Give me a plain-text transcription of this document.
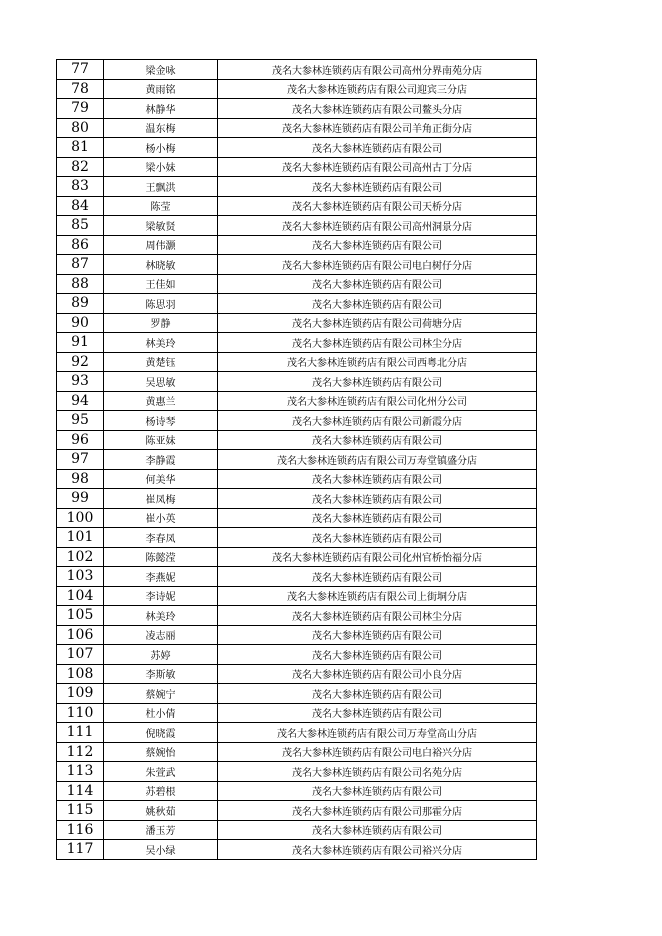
77	梁金咏	茂名大参林连锁药店有限公司高州分界南苑分店
78	黄雨铭	茂名大参林连锁药店有限公司迎宾三分店
79	林静华	茂名大参林连锁药店有限公司鳌头分店
80	温东梅	茂名大参林连锁药店有限公司羊角正街分店
81	杨小梅	茂名大参林连锁药店有限公司
82	梁小妹	茂名大参林连锁药店有限公司高州古丁分店
83	王飘洪	茂名大参林连锁药店有限公司
84	陈莹	茂名大参林连锁药店有限公司天桥分店
85	梁敏贤	茂名大参林连锁药店有限公司高州洞景分店
86	周伟灏	茂名大参林连锁药店有限公司
87	林晓敏	茂名大参林连锁药店有限公司电白树仔分店
88	王佳如	茂名大参林连锁药店有限公司
89	陈思羽	茂名大参林连锁药店有限公司
90	罗静	茂名大参林连锁药店有限公司荷塘分店
91	林美玲	茂名大参林连锁药店有限公司林尘分店
92	黄楚钰	茂名大参林连锁药店有限公司西粤北分店
93	吴思敏	茂名大参林连锁药店有限公司
94	黄惠兰	茂名大参林连锁药店有限公司化州分公司
95	杨诗琴	茂名大参林连锁药店有限公司新霞分店
96	陈亚妹	茂名大参林连锁药店有限公司
97	李静霞	茂名大参林连锁药店有限公司万寿堂镇盛分店
98	何美华	茂名大参林连锁药店有限公司
99	崔凤梅	茂名大参林连锁药店有限公司
100	崔小英	茂名大参林连锁药店有限公司
101	李春凤	茂名大参林连锁药店有限公司
102	陈懿滢	茂名大参林连锁药店有限公司化州官桥怡福分店
103	李燕妮	茂名大参林连锁药店有限公司
104	李诗妮	茂名大参林连锁药店有限公司上街垌分店
105	林美玲	茂名大参林连锁药店有限公司林尘分店
106	凌志丽	茂名大参林连锁药店有限公司
107	苏婷	茂名大参林连锁药店有限公司
108	李斯敏	茂名大参林连锁药店有限公司小良分店
109	蔡婉宁	茂名大参林连锁药店有限公司
110	杜小倩	茂名大参林连锁药店有限公司
111	倪晓霞	茂名大参林连锁药店有限公司万寿堂高山分店
112	蔡婉怡	茂名大参林连锁药店有限公司电白裕兴分店
113	朱萱武	茂名大参林连锁药店有限公司名苑分店
114	苏碧根	茂名大参林连锁药店有限公司
115	姚秋茹	茂名大参林连锁药店有限公司那霍分店
116	潘玉芳	茂名大参林连锁药店有限公司
117	吴小绿	茂名大参林连锁药店有限公司裕兴分店
